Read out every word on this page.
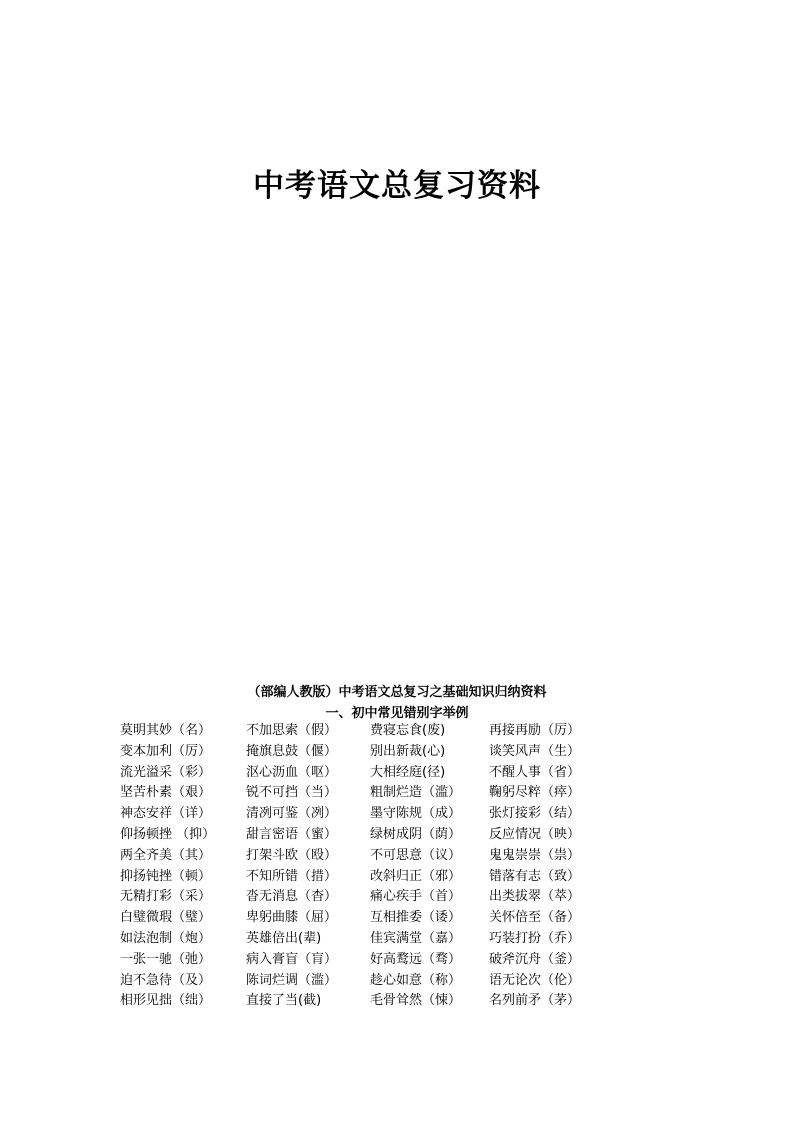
中考语文总复习资料
（部编人教版）中考语文总复习之基础知识归纳资料
一、初中常见错别字举例
莫明其妙（名）	不加思索（假）	费寝忘食(废)	再接再励（厉）
变本加利（厉）	掩旗息鼓（偃）	别出新裁(心)	谈笑风声（生）
流光溢采（彩）	沤心沥血（呕）	大相经庭(径)	不醒人事（省）
坚苦朴素（艰）	锐不可挡（当）	粗制烂造（滥）	鞠躬尽粹（瘁）
神态安祥（详）	清冽可鉴（冽）	墨守陈规（成）	张灯接彩（结）
仰扬顿挫 （抑）	甜言密语（蜜）	绿树成阴（荫）	反应情况（映）
两全齐美（其）	打架斗欧（殴）	不可思意（议）	鬼鬼崇崇（祟）
抑扬钝挫（顿）	不知所错（措）	改斜归正（邪）	错落有志（致）
无精打彩（采）	沓无消息（杳）	痛心疾手（首）	出类拔翠（萃）
白璧微瑕（璧）	卑躬曲膝（屈）	互相推委（诿）	关怀倍至（备）
如法泡制（炮）	英雄倍出(辈)	佳宾满堂（嘉）	巧装打扮（乔）
一张一驰（弛）	病入膏盲（肓）	好高鹜远（骛）	破斧沉舟（釜）
迫不急待（及）	陈词烂调（滥）	趁心如意（称）	语无论次（伦）
相形见拙（绌）	直接了当(截)	毛骨耸然（悚）	名列前矛（茅）
